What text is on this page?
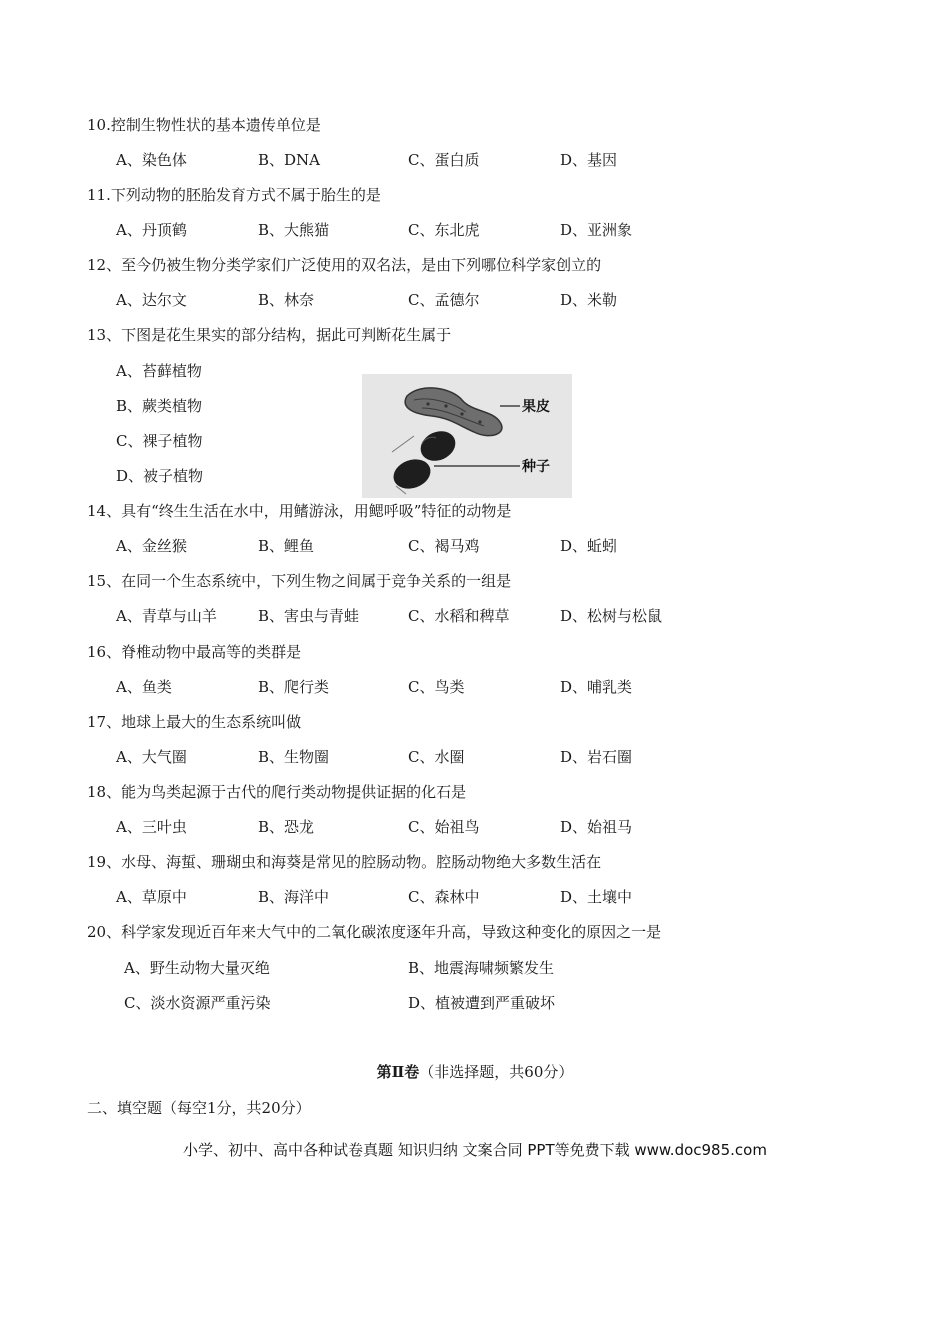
10.控制生物性状的基本遗传单位是
A、染色体	B、DNA	C、蛋白质	D、基因
11.下列动物的胚胎发育方式不属于胎生的是
A、丹顶鹤	B、大熊猫	C、东北虎	D、亚洲象
12、至今仍被生物分类学家们广泛使用的双名法，是由下列哪位科学家创立的
A、达尔文	B、林奈	C、孟德尔	D、米勒
13、下图是花生果实的部分结构，据此可判断花生属于
A、苔藓植物
B、蕨类植物
C、裸子植物
D、被子植物
果皮
种子
14、具有“终生生活在水中，用鳍游泳，用鳃呼吸”特征的动物是
A、金丝猴	B、鲤鱼	C、褐马鸡	D、蚯蚓
15、在同一个生态系统中，下列生物之间属于竞争关系的一组是
A、青草与山羊	B、害虫与青蛙	C、水稻和稗草	D、松树与松鼠
16、脊椎动物中最高等的类群是
A、鱼类	B、爬行类	C、鸟类	D、哺乳类
17、地球上最大的生态系统叫做
A、大气圈	B、生物圈	C、水圈	D、岩石圈
18、能为鸟类起源于古代的爬行类动物提供证据的化石是
A、三叶虫	B、恐龙	C、始祖鸟	D、始祖马
19、水母、海蜇、珊瑚虫和海葵是常见的腔肠动物。腔肠动物绝大多数生活在
A、草原中	B、海洋中	C、森林中	D、土壤中
20、科学家发现近百年来大气中的二氧化碳浓度逐年升高，导致这种变化的原因之一是
A、野生动物大量灭绝	B、地震海啸频繁发生
C、淡水资源严重污染	D、植被遭到严重破坏
第Ⅱ卷（非选择题，共60分）
二、填空题（每空1分，共20分）
小学、初中、高中各种试卷真题 知识归纳 文案合同 PPT等免费下载 www.doc985.com
